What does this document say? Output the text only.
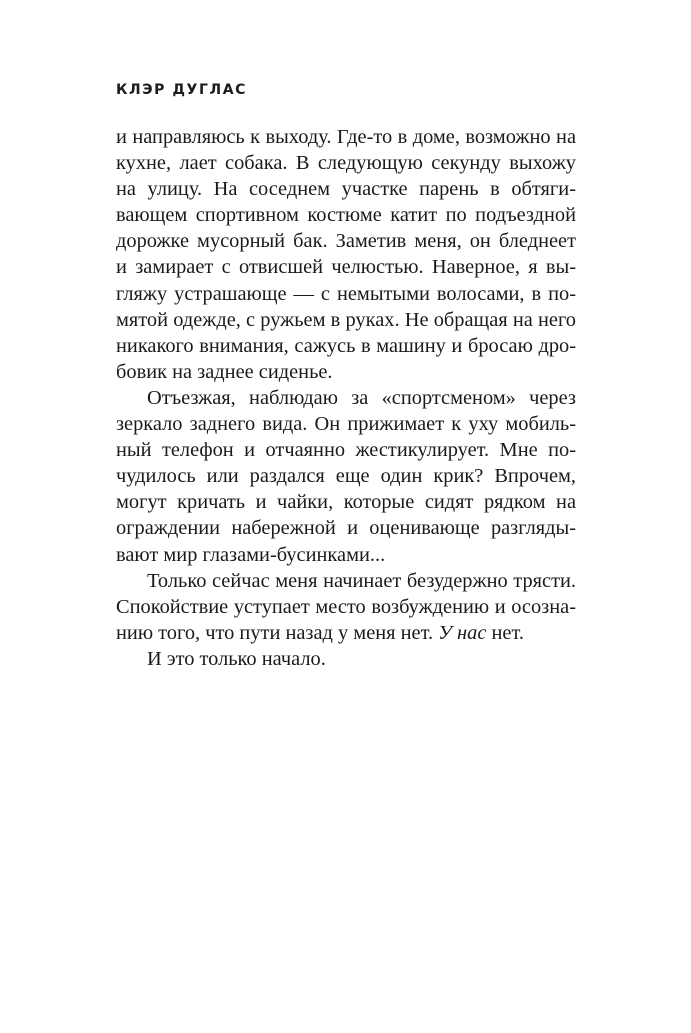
КЛЭР ДУГЛАС
и направляюсь к выходу. Где-то в доме, возможно на
кухне, лает собака. В следующую секунду выхожу
на улицу. На соседнем участке парень в обтяги-
вающем спортивном костюме катит по подъездной
дорожке мусорный бак. Заметив меня, он бледнеет
и замирает с отвисшей челюстью. Наверное, я вы-
гляжу устрашающе — с немытыми волосами, в по-
мятой одежде, с ружьем в руках. Не обращая на него
никакого внимания, сажусь в машину и бросаю дро-
бовик на заднее сиденье.
Отъезжая, наблюдаю за «спортсменом» через
зеркало заднего вида. Он прижимает к уху мобиль-
ный телефон и отчаянно жестикулирует. Мне по-
чудилось или раздался еще один крик? Впрочем,
могут кричать и чайки, которые сидят рядком на
ограждении набережной и оценивающе разгляды-
вают мир глазами-бусинками...
Только сейчас меня начинает безудержно трясти.
Спокойствие уступает место возбуждению и осозна-
нию того, что пути назад у меня нет. У нас нет.
И это только начало.
